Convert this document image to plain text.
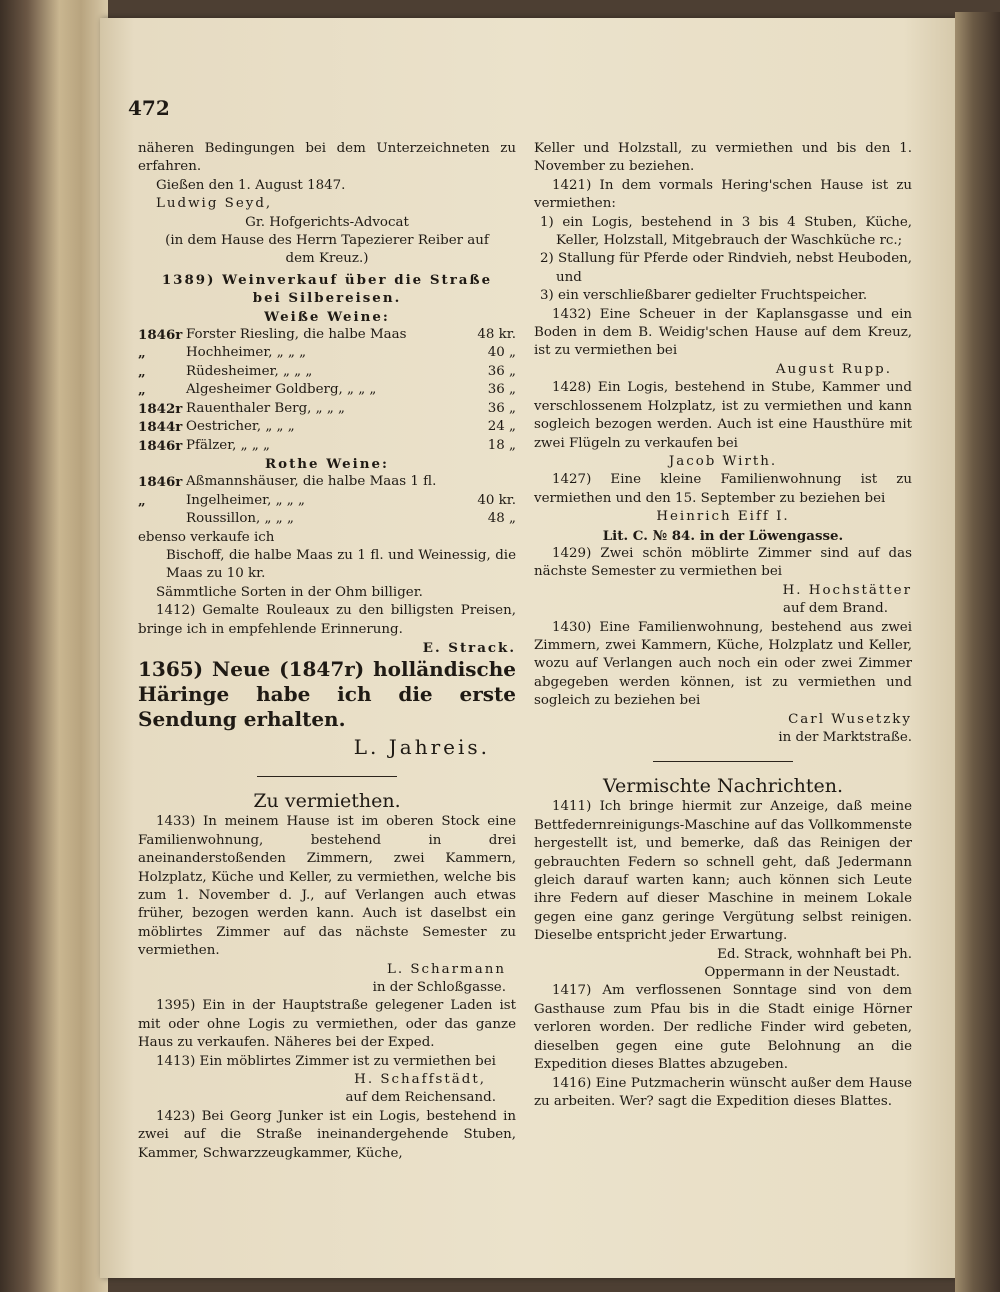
472

näheren Bedingungen bei dem Unterzeichneten zu erfahren.

Gießen den 1. August 1847.

Ludwig Seyd,

Gr. Hofgerichts-Advocat

(in dem Hause des Herrn Tapezierer Reiber auf dem Kreuz.)

1389) Weinverkauf über die Straße

bei Silbereisen.

Weiße Weine:

1846r	Forster Riesling, die halbe Maas	48 kr.
„	Hochheimer, „ „ „	40 „
„	Rüdesheimer, „ „ „	36 „
„	Algesheimer Goldberg, „ „ „	36 „
1842r	Rauenthaler Berg, „ „ „	36 „
1844r	Oestricher, „ „ „	24 „
1846r	Pfälzer, „ „ „	18 „

Rothe Weine:

1846r	Aßmannshäuser, die halbe Maas 1 fl.	
„	Ingelheimer, „ „ „	40 kr.
	Roussillon, „ „ „	48 „

ebenso verkaufe ich

Bischoff, die halbe Maas zu 1 fl. und Weinessig, die Maas zu 10 kr.

Sämmtliche Sorten in der Ohm billiger.

1412) Gemalte Rouleaux zu den billigsten Preisen, bringe ich in empfehlende Erinnerung.

E. Strack.

1365) Neue (1847r) holländische Häringe habe ich die erste Sendung erhalten.

L. Jahreis.

Zu vermiethen.

1433) In meinem Hause ist im oberen Stock eine Familienwohnung, bestehend in drei aneinanderstoßenden Zimmern, zwei Kammern, Holzplatz, Küche und Keller, zu vermiethen, welche bis zum 1. November d. J., auf Verlangen auch etwas früher, bezogen werden kann. Auch ist daselbst ein möblirtes Zimmer auf das nächste Semester zu vermiethen.

L. Scharmann

in der Schloßgasse.

1395) Ein in der Hauptstraße gelegener Laden ist mit oder ohne Logis zu vermiethen, oder das ganze Haus zu verkaufen. Näheres bei der Exped.

1413) Ein möblirtes Zimmer ist zu vermiethen bei

H. Schaffstädt,

auf dem Reichensand.

1423) Bei Georg Junker ist ein Logis, bestehend in zwei auf die Straße ineinandergehende Stuben, Kammer, Schwarzzeugkammer, Küche,

Keller und Holzstall, zu vermiethen und bis den 1. November zu beziehen.

1421) In dem vormals Hering'schen Hause ist zu vermiethen:

1) ein Logis, bestehend in 3 bis 4 Stuben, Küche, Keller, Holzstall, Mitgebrauch der Waschküche rc.;

2) Stallung für Pferde oder Rindvieh, nebst Heuboden, und

3) ein verschließbarer gedielter Fruchtspeicher.

1432) Eine Scheuer in der Kaplansgasse und ein Boden in dem B. Weidig'schen Hause auf dem Kreuz, ist zu vermiethen bei

August Rupp.

1428) Ein Logis, bestehend in Stube, Kammer und verschlossenem Holzplatz, ist zu vermiethen und kann sogleich bezogen werden. Auch ist eine Hausthüre mit zwei Flügeln zu verkaufen bei

Jacob Wirth.

1427) Eine kleine Familienwohnung ist zu vermiethen und den 15. September zu beziehen bei

Heinrich Eiff I.

Lit. C. № 84. in der Löwengasse.

1429) Zwei schön möblirte Zimmer sind auf das nächste Semester zu vermiethen bei

H. Hochstätter

auf dem Brand.

1430) Eine Familienwohnung, bestehend aus zwei Zimmern, zwei Kammern, Küche, Holzplatz und Keller, wozu auf Verlangen auch noch ein oder zwei Zimmer abgegeben werden können, ist zu vermiethen und sogleich zu beziehen bei

Carl Wusetzky

in der Marktstraße.

Vermischte Nachrichten.

1411) Ich bringe hiermit zur Anzeige, daß meine Bettfedernreinigungs-Maschine auf das Vollkommenste hergestellt ist, und bemerke, daß das Reinigen der gebrauchten Federn so schnell geht, daß Jedermann gleich darauf warten kann; auch können sich Leute ihre Federn auf dieser Maschine in meinem Lokale gegen eine ganz geringe Vergütung selbst reinigen. Dieselbe entspricht jeder Erwartung.

Ed. Strack, wohnhaft bei Ph.

Oppermann in der Neustadt.

1417) Am verflossenen Sonntage sind von dem Gasthause zum Pfau bis in die Stadt einige Hörner verloren worden. Der redliche Finder wird gebeten, dieselben gegen eine gute Belohnung an die Expedition dieses Blattes abzugeben.

1416) Eine Putzmacherin wünscht außer dem Hause zu arbeiten. Wer? sagt die Expedition dieses Blattes.
